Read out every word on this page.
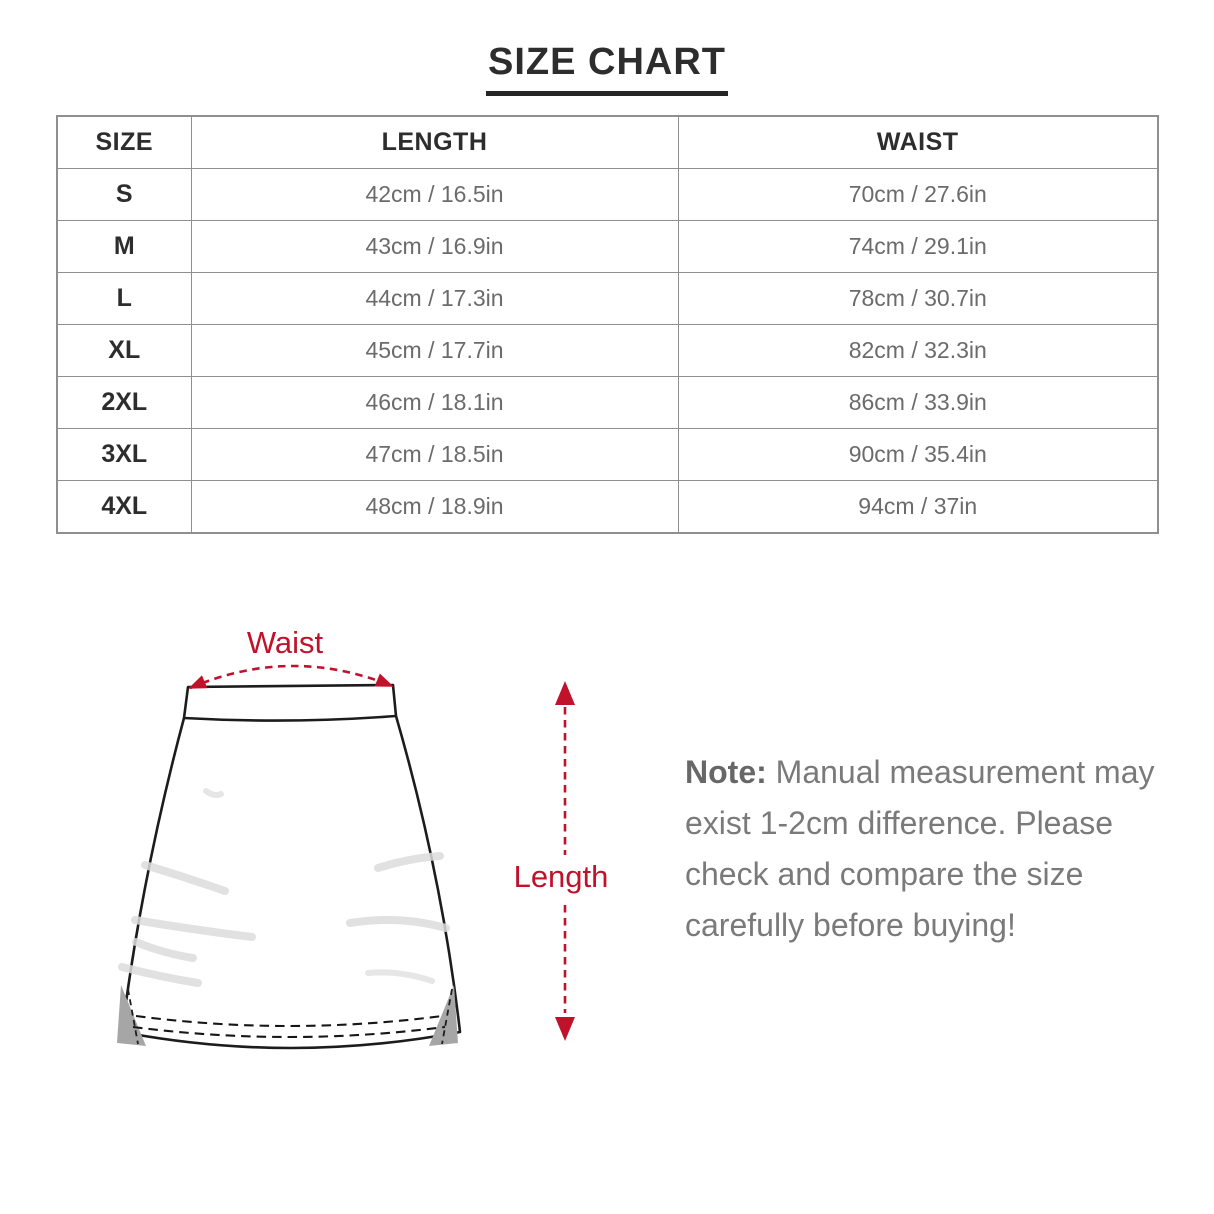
SIZE CHART
SIZE	LENGTH	WAIST
S	42cm / 16.5in	70cm / 27.6in
M	43cm / 16.9in	74cm / 29.1in
L	44cm / 17.3in	78cm / 30.7in
XL	45cm / 17.7in	82cm / 32.3in
2XL	46cm / 18.1in	86cm / 33.9in
3XL	47cm / 18.5in	90cm / 35.4in
4XL	48cm / 18.9in	94cm / 37in
Waist
Length
Note: Manual measurement may
exist 1-2cm difference. Please
check and compare the size
carefully before buying!
